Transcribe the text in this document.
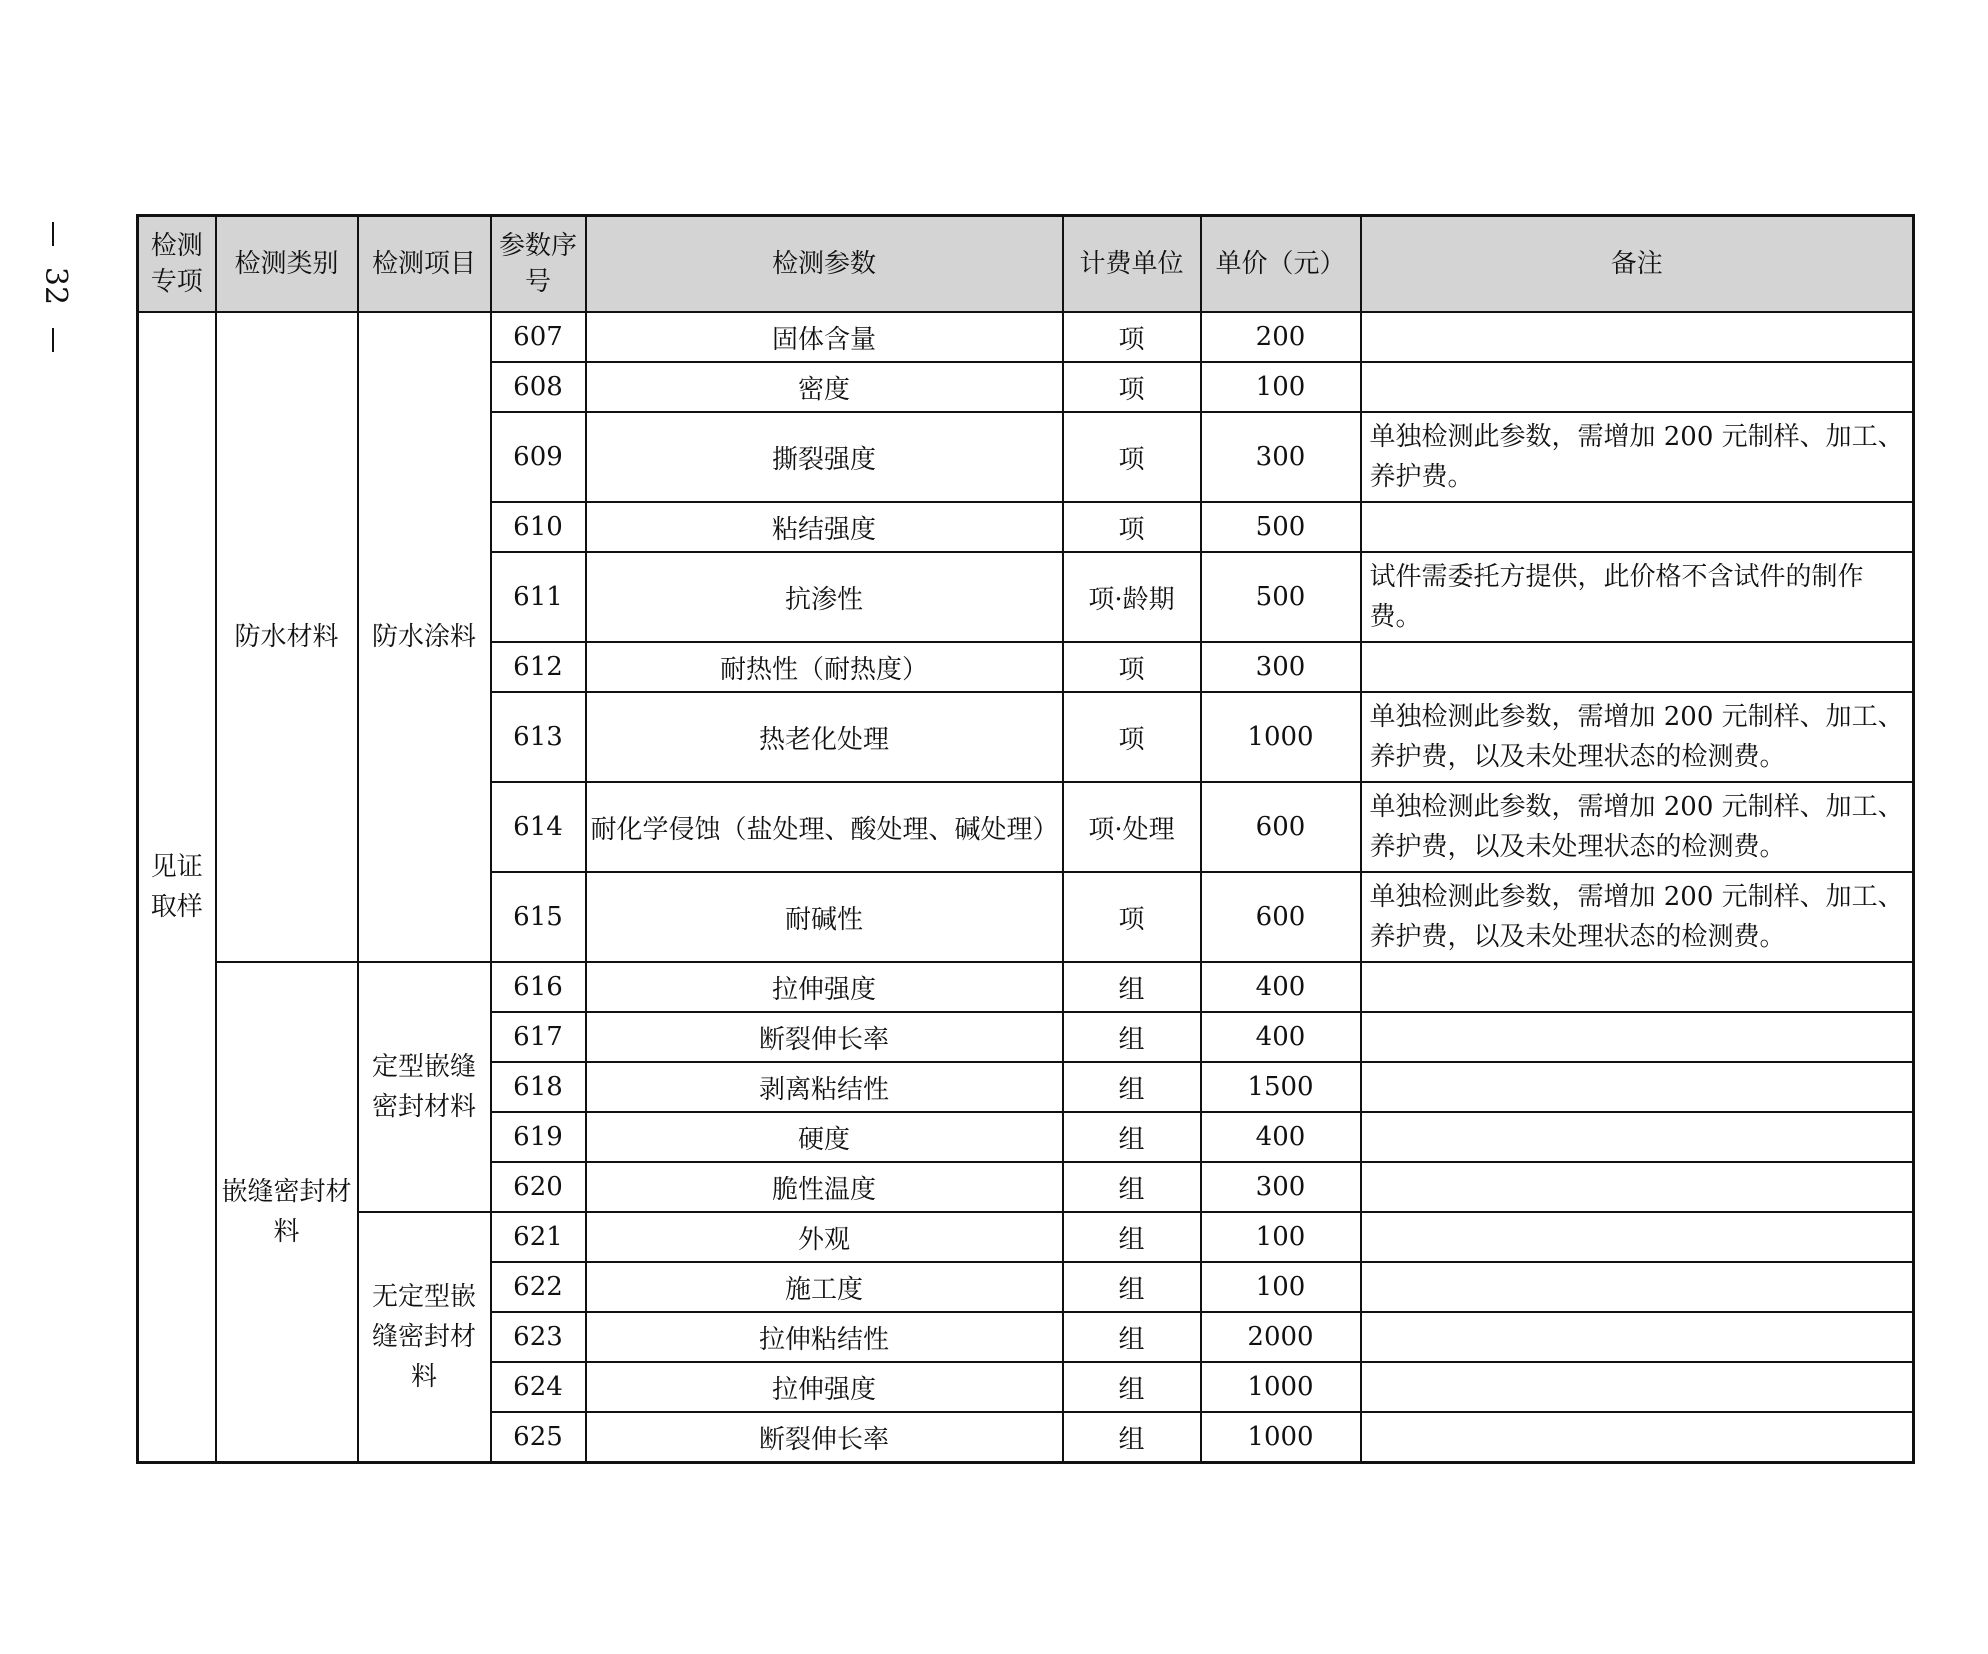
32
检测专项	检测类别	检测项目	参数序号	检测参数	计费单位	单价（元）	备注
见证取样	防水材料	防水涂料	607	固体含量	项	200	
			608	密度	项	100	
			609	撕裂强度	项	300	单独检测此参数，需增加 200 元制样、加工、养护费。
			610	粘结强度	项	500	
			611	抗渗性	项·龄期	500	试件需委托方提供，此价格不含试件的制作费。
			612	耐热性（耐热度）	项	300	
			613	热老化处理	项	1000	单独检测此参数，需增加 200 元制样、加工、养护费，以及未处理状态的检测费。
			614	耐化学侵蚀（盐处理、酸处理、碱处理）	项·处理	600	单独检测此参数，需增加 200 元制样、加工、养护费，以及未处理状态的检测费。
			615	耐碱性	项	600	单独检测此参数，需增加 200 元制样、加工、养护费，以及未处理状态的检测费。
	嵌缝密封材料	定型嵌缝密封材料	616	拉伸强度	组	400	
			617	断裂伸长率	组	400	
			618	剥离粘结性	组	1500	
			619	硬度	组	400	
			620	脆性温度	组	300	
		无定型嵌缝密封材料	621	外观	组	100	
			622	施工度	组	100	
			623	拉伸粘结性	组	2000	
			624	拉伸强度	组	1000	
			625	断裂伸长率	组	1000	
